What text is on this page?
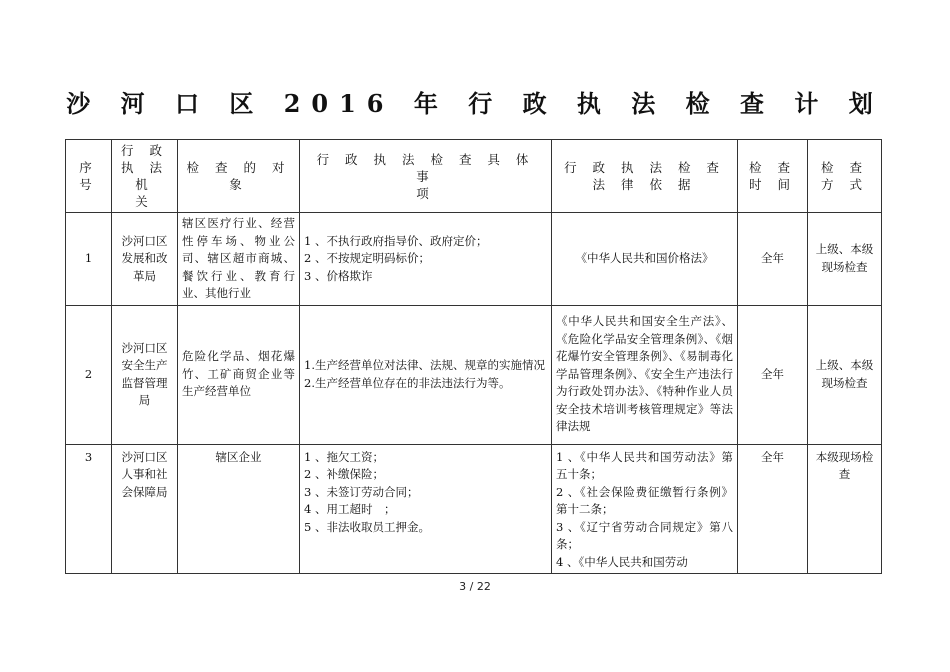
沙 河 口 区 2016 年 行 政 执 法 检 查 计 划
序
号	行 政
执 法
机
关	检 查 的 对
象	行 政 执 法 检 查 具 体 事
项	行 政 执 法 检 查
法 律 依 据	检 查
时 间	检 查
方 式
1	沙河口区
发展和改
革局	辖区医疗行业、经营性停车场、物业公司、辖区超市商城、餐饮行业、教育行业、其他行业	1 、不执行政府指导价、政府定价；
2 、不按规定明码标价；
3 、价格欺诈	《中华人民共和国价格法》	全年	上级、本级
现场检查
2	沙河口区
安全生产
监督管理
局	危险化学品、烟花爆竹、工矿商贸企业等生产经营单位	1.生产经营单位对法律、法规、规章的实施情况
2.生产经营单位存在的非法违法行为等。	《中华人民共和国安全生产法》、《危险化学品安全管理条例》、《烟花爆竹安全管理条例》、《易制毒化学品管理条例》、《安全生产违法行为行政处罚办法》、《特种作业人员安全技术培训考核管理规定》等法律法规	全年	上级、本级
现场检查
3	沙河口区
人事和社
会保障局	辖区企业	1 、拖欠工资；
2 、补缴保险；
3 、未签订劳动合同；
4 、用工超时　；
5 、非法收取员工押金。	1 、《中华人民共和国劳动法》第五十条；
2 、《社会保险费征缴暂行条例》第十二条；
3 、《辽宁省劳动合同规定》第八条；
4 、《中华人民共和国劳动	全年	本级现场检
查
3 / 22
